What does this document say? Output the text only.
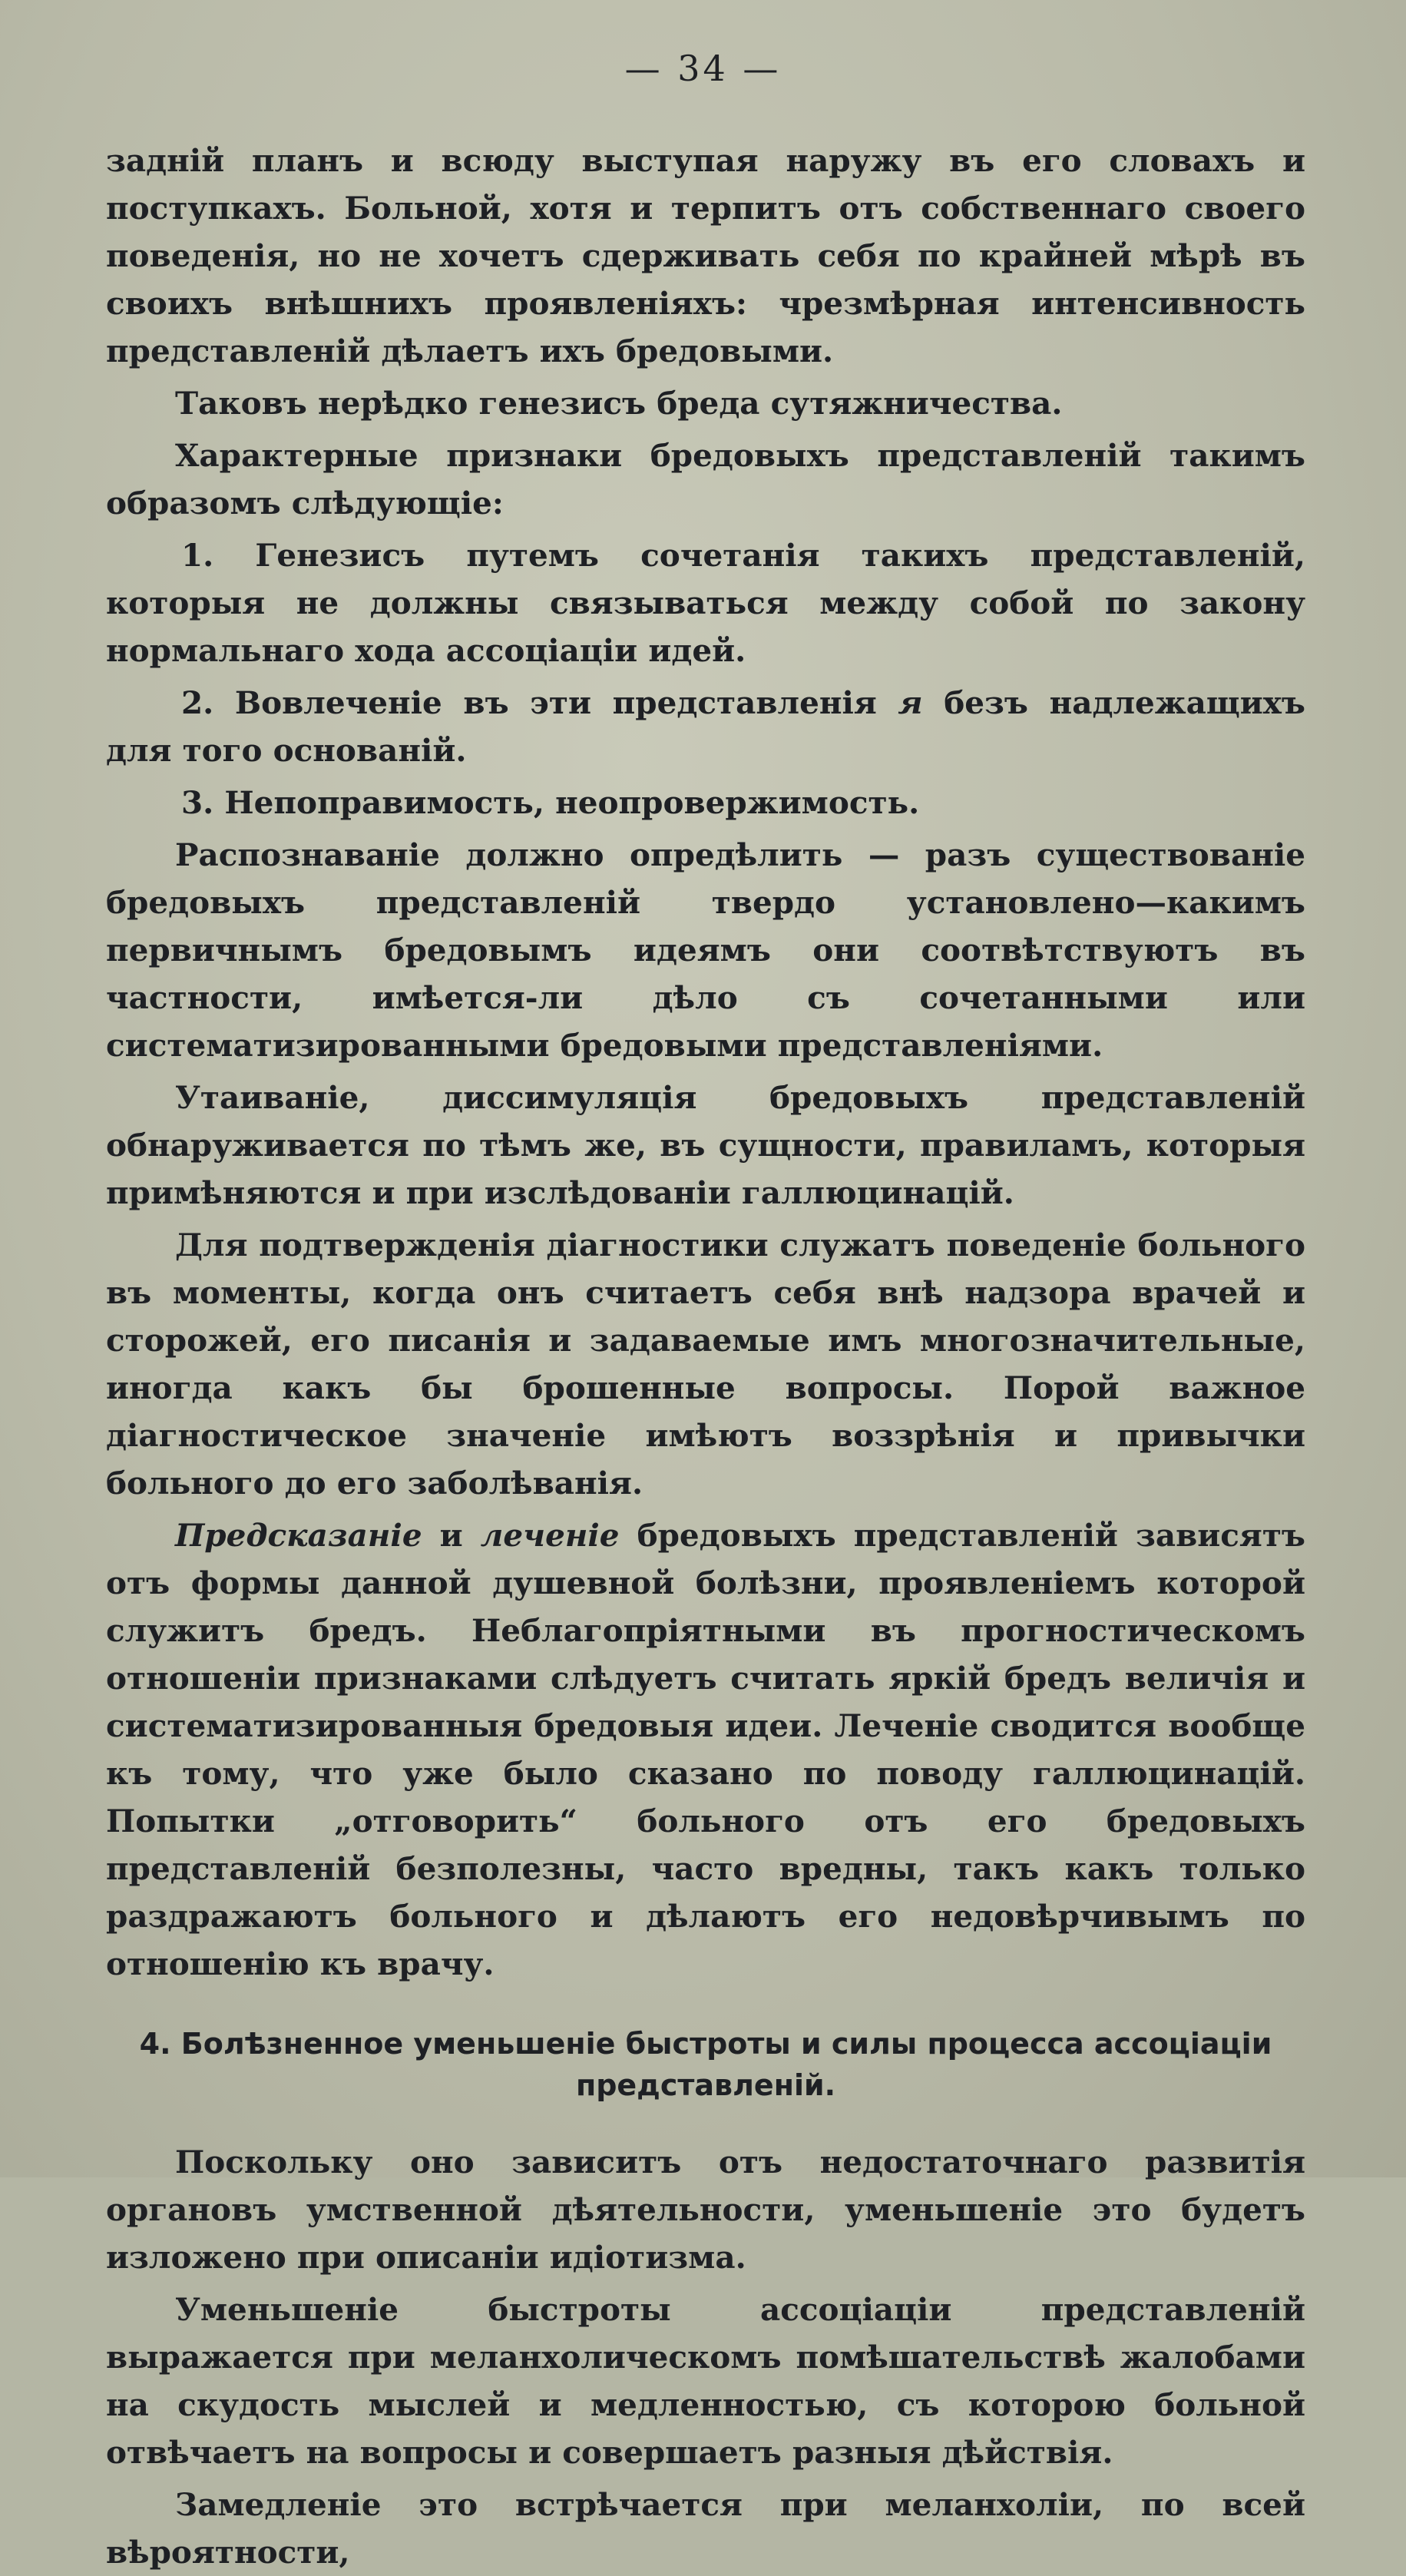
— 34 —

задній планъ и всюду выступая наружу въ его словахъ и поступкахъ. Больной, хотя и терпитъ отъ собственнаго своего поведенія, но не хочетъ сдерживать себя по крайней мѣрѣ въ своихъ внѣшнихъ проявленіяхъ: чрезмѣрная интенсивность представленій дѣлаетъ ихъ бредовыми.

Таковъ нерѣдко генезисъ бреда сутяжничества.

Характерные признаки бредовыхъ представленій такимъ образомъ слѣдующіе:

1. Генезисъ путемъ сочетанія такихъ представленій, которыя не должны связываться между собой по закону нормальнаго хода ассоціаціи идей.

2. Вовлеченіе въ эти представленія я безъ надлежащихъ для того основаній.

3. Непоправимость, неопровержимость.

Распознаваніе должно опредѣлить — разъ существованіе бредовыхъ представленій твердо установлено—какимъ первичнымъ бредовымъ идеямъ они соотвѣтствуютъ въ частности, имѣется-ли дѣло съ сочетанными или систематизированными бредовыми представленіями.

Утаиваніе, диссимуляція бредовыхъ представленій обнаруживается по тѣмъ же, въ сущности, правиламъ, которыя примѣняются и при изслѣдованіи галлюцинацій.

Для подтвержденія діагностики служатъ поведеніе больного въ моменты, когда онъ считаетъ себя внѣ надзора врачей и сторожей, его писанія и задаваемые имъ многозначительные, иногда какъ бы брошенные вопросы. Порой важное діагностическое значеніе имѣютъ воззрѣнія и привычки больного до его заболѣванія.

Предсказаніе и леченіе бредовыхъ представленій зависятъ отъ формы данной душевной болѣзни, проявленіемъ которой служитъ бредъ. Неблагопріятными въ прогностическомъ отношеніи признаками слѣдуетъ считать яркій бредъ величія и систематизированныя бредовыя идеи. Леченіе сводится вообще къ тому, что уже было сказано по поводу галлюцинацій. Попытки „отговорить“ больного отъ его бредовыхъ представленій безполезны, часто вредны, такъ какъ только раздражаютъ больного и дѣлаютъ его недовѣрчивымъ по отношенію къ врачу.

4. Болѣзненное уменьшеніе быстроты и силы процесса ассоціаціи представленій.

Поскольку оно зависитъ отъ недостаточнаго развитія органовъ умственной дѣятельности, уменьшеніе это будетъ изложено при описаніи идіотизма.

Уменьшеніе быстроты ассоціаціи представленій выражается при меланхолическомъ помѣшательствѣ жалобами на скудость мыслей и медленностью, съ которою больной отвѣчаетъ на вопросы и совершаетъ разныя дѣйствія.

Замедленіе это встрѣчается при меланхоліи, по всей вѣроятности,
